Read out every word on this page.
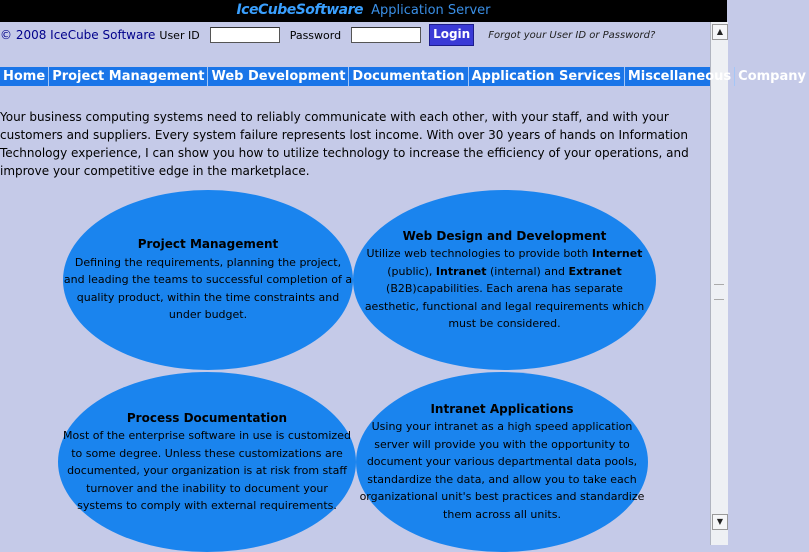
IceCubeSoftware Application Server
© 2008 IceCube Software User ID	Password	Login	Forgot your User ID or Password?	▲
▼
Home Project Management Web Development Documentation Application Services Miscellaneous Company
Your business computing systems need to reliably communicate with each other, with your staff, and with your customers and suppliers. Every system failure represents lost income. With over 30 years of hands on Information Technology experience, I can show you how to utilize technology to increase the efficiency of your operations, and improve your competitive edge in the marketplace.
Project Management
Defining the requirements, planning the project, and leading the teams to successful completion of a quality product, within the time constraints and under budget.
Web Design and Development
Utilize web technologies to provide both Internet (public), Intranet (internal) and Extranet (B2B)capabilities. Each arena has separate aesthetic, functional and legal requirements which must be considered.
Process Documentation
Most of the enterprise software in use is customized to some degree. Unless these customizations are documented, your organization is at risk from staff turnover and the inability to document your systems to comply with external requirements.
Intranet Applications
Using your intranet as a high speed application server will provide you with the opportunity to document your various departmental data pools, standardize the data, and allow you to take each organizational unit's best practices and standardize them across all units.
